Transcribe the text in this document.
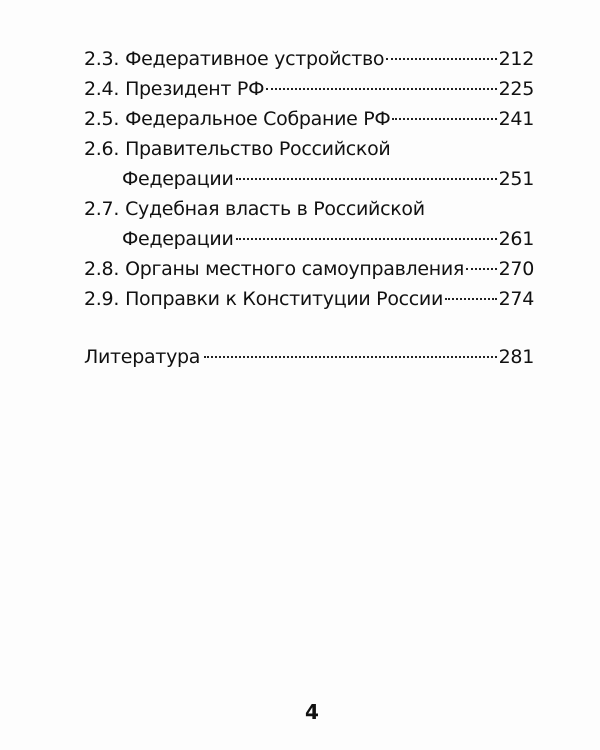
2.3. Федеративное устройство	212
2.4. Президент РФ	225
2.5. Федеральное Собрание РФ	241
2.6. Правительство Российской
Федерации	251
2.7. Судебная власть в Российской
Федерации	261
2.8. Органы местного самоуправления 270
2.9. Поправки к Конституции России	274
Литература	281
4
